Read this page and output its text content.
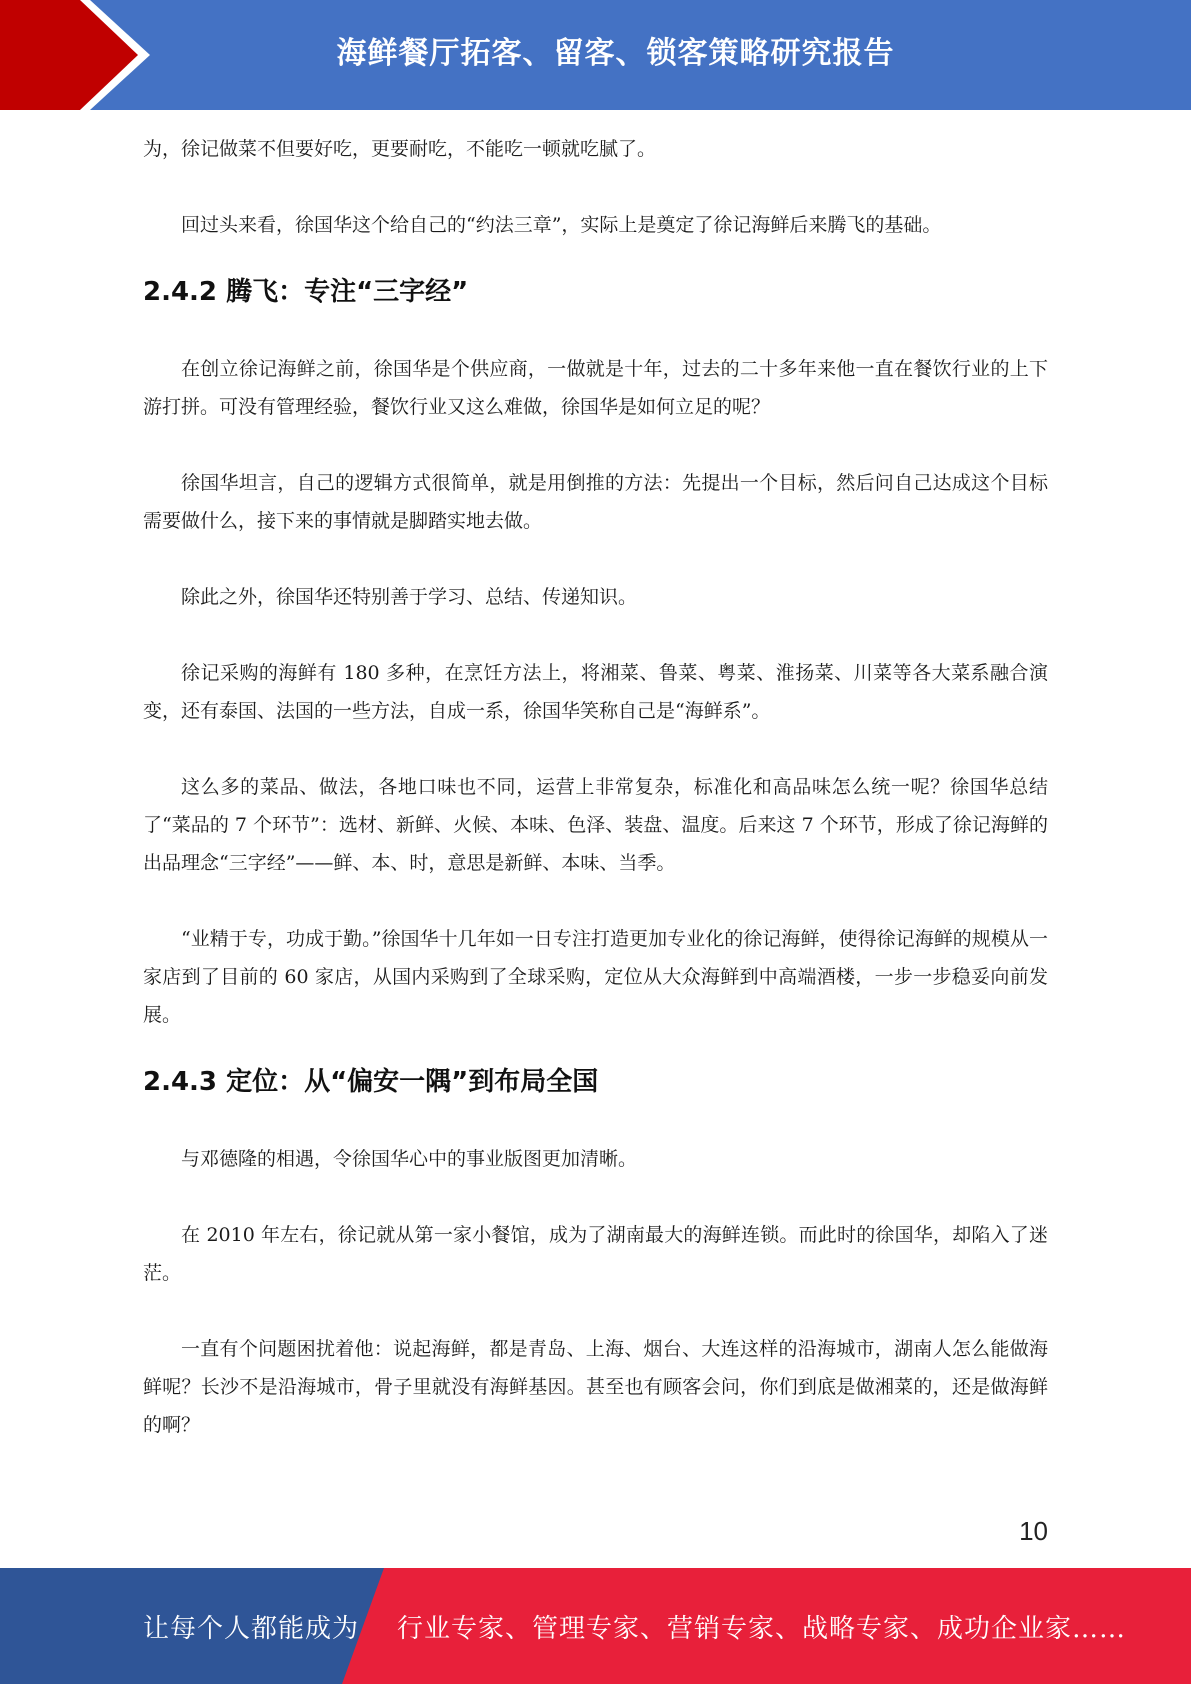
海鲜餐厅拓客、留客、锁客策略研究报告

为，徐记做菜不但要好吃，更要耐吃，不能吃一顿就吃腻了。

回过头来看，徐国华这个给自己的“约法三章”，实际上是奠定了徐记海鲜后来腾飞的基础。

2.4.2 腾飞：专注“三字经”

在创立徐记海鲜之前，徐国华是个供应商，一做就是十年，过去的二十多年来他一直在餐饮行业的上下游打拼。可没有管理经验，餐饮行业又这么难做，徐国华是如何立足的呢？

徐国华坦言，自己的逻辑方式很简单，就是用倒推的方法：先提出一个目标，然后问自己达成这个目标需要做什么，接下来的事情就是脚踏实地去做。

除此之外，徐国华还特别善于学习、总结、传递知识。

徐记采购的海鲜有 180 多种，在烹饪方法上，将湘菜、鲁菜、粤菜、淮扬菜、川菜等各大菜系融合演变，还有泰国、法国的一些方法，自成一系，徐国华笑称自己是“海鲜系”。

这么多的菜品、做法，各地口味也不同，运营上非常复杂，标准化和高品味怎么统一呢？徐国华总结了“菜品的 7 个环节”：选材、新鲜、火候、本味、色泽、装盘、温度。后来这 7 个环节，形成了徐记海鲜的出品理念“三字经”——鲜、本、时，意思是新鲜、本味、当季。

“业精于专，功成于勤。”徐国华十几年如一日专注打造更加专业化的徐记海鲜，使得徐记海鲜的规模从一家店到了目前的 60 家店，从国内采购到了全球采购，定位从大众海鲜到中高端酒楼，一步一步稳妥向前发展。

2.4.3 定位：从“偏安一隅”到布局全国

与邓德隆的相遇，令徐国华心中的事业版图更加清晰。

在 2010 年左右，徐记就从第一家小餐馆，成为了湖南最大的海鲜连锁。而此时的徐国华，却陷入了迷茫。

一直有个问题困扰着他：说起海鲜，都是青岛、上海、烟台、大连这样的沿海城市，湖南人怎么能做海鲜呢？长沙不是沿海城市，骨子里就没有海鲜基因。甚至也有顾客会问，你们到底是做湘菜的，还是做海鲜的啊？

10
让每个人都能成为 行业专家、管理专家、营销专家、战略专家、成功企业家……
